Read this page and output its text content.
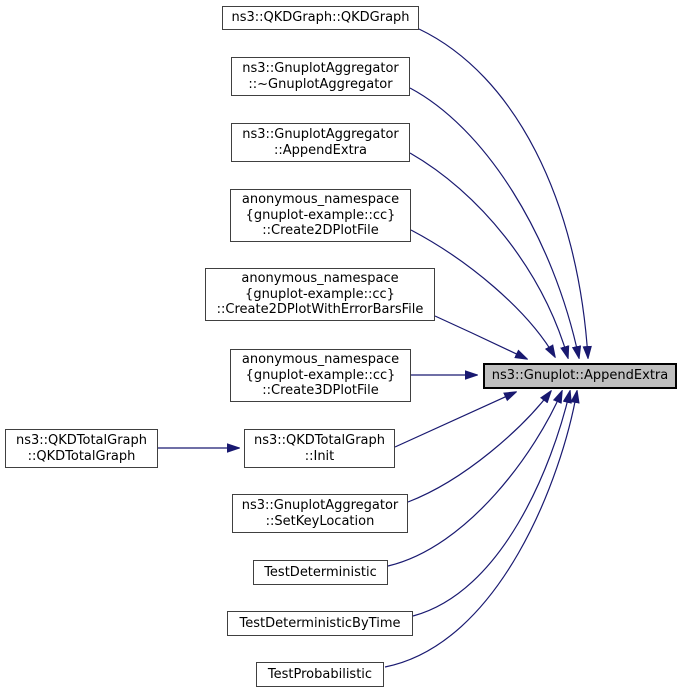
ns3::QKDGraph::QKDGraph
ns3::GnuplotAggregator
::~GnuplotAggregator
ns3::GnuplotAggregator
::AppendExtra
anonymous_namespace
{gnuplot-example::cc}
::Create2DPlotFile
anonymous_namespace
{gnuplot-example::cc}
::Create2DPlotWithErrorBarsFile
anonymous_namespace
{gnuplot-example::cc}
::Create3DPlotFile
ns3::QKDTotalGraph
::QKDTotalGraph
ns3::QKDTotalGraph
::Init
ns3::GnuplotAggregator
::SetKeyLocation
TestDeterministic
TestDeterministicByTime
TestProbabilistic
ns3::Gnuplot::AppendExtra
